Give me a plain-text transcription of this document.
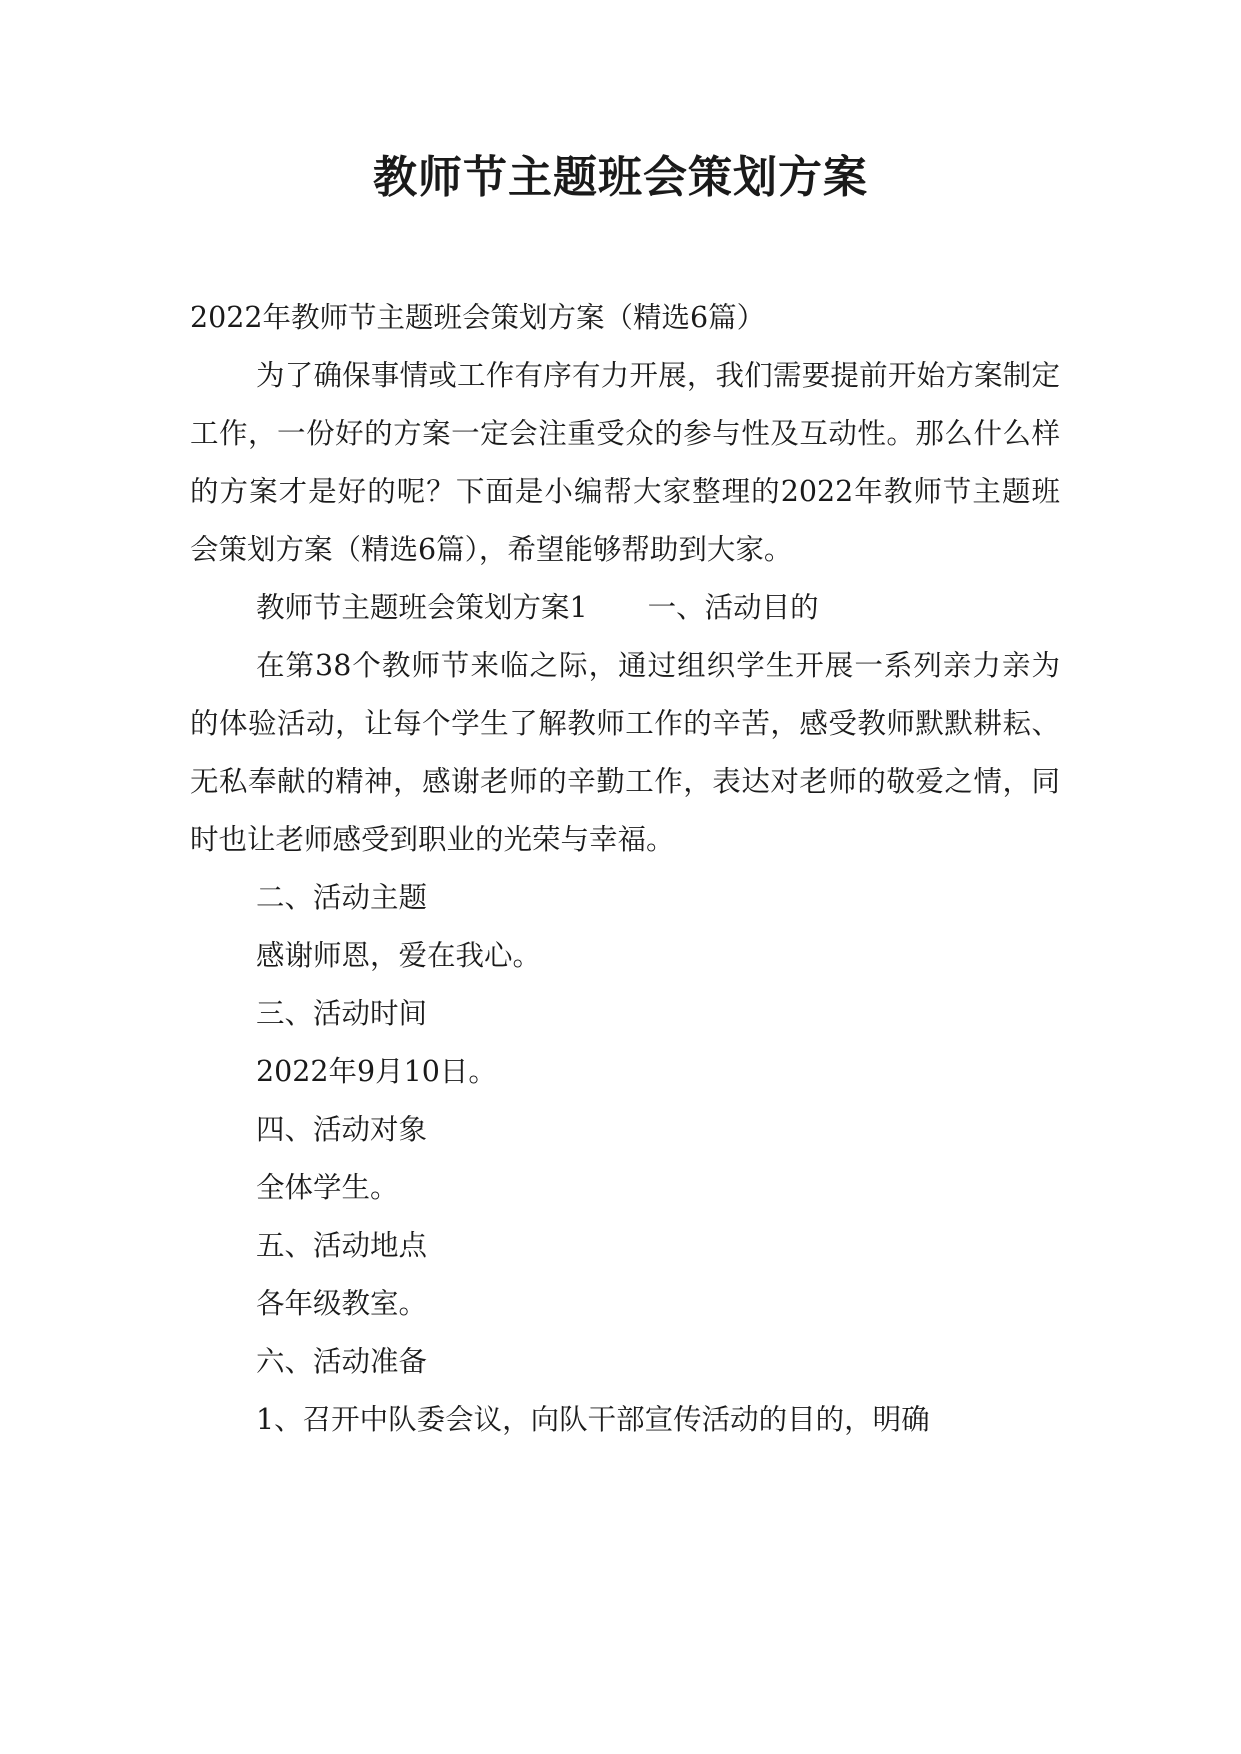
教师节主题班会策划方案

2022年教师节主题班会策划方案（精选6篇）

为了确保事情或工作有序有力开展，我们需要提前开始方案制定工作，一份好的方案一定会注重受众的参与性及互动性。那么什么样的方案才是好的呢？下面是小编帮大家整理的2022年教师节主题班会策划方案（精选6篇），希望能够帮助到大家。

教师节主题班会策划方案1 一、活动目的

在第38个教师节来临之际，通过组织学生开展一系列亲力亲为的体验活动，让每个学生了解教师工作的辛苦，感受教师默默耕耘、无私奉献的精神，感谢老师的辛勤工作，表达对老师的敬爱之情，同时也让老师感受到职业的光荣与幸福。

二、活动主题

感谢师恩，爱在我心。

三、活动时间

2022年9月10日。

四、活动对象

全体学生。

五、活动地点

各年级教室。

六、活动准备

1、召开中队委会议，向队干部宣传活动的目的，明确
